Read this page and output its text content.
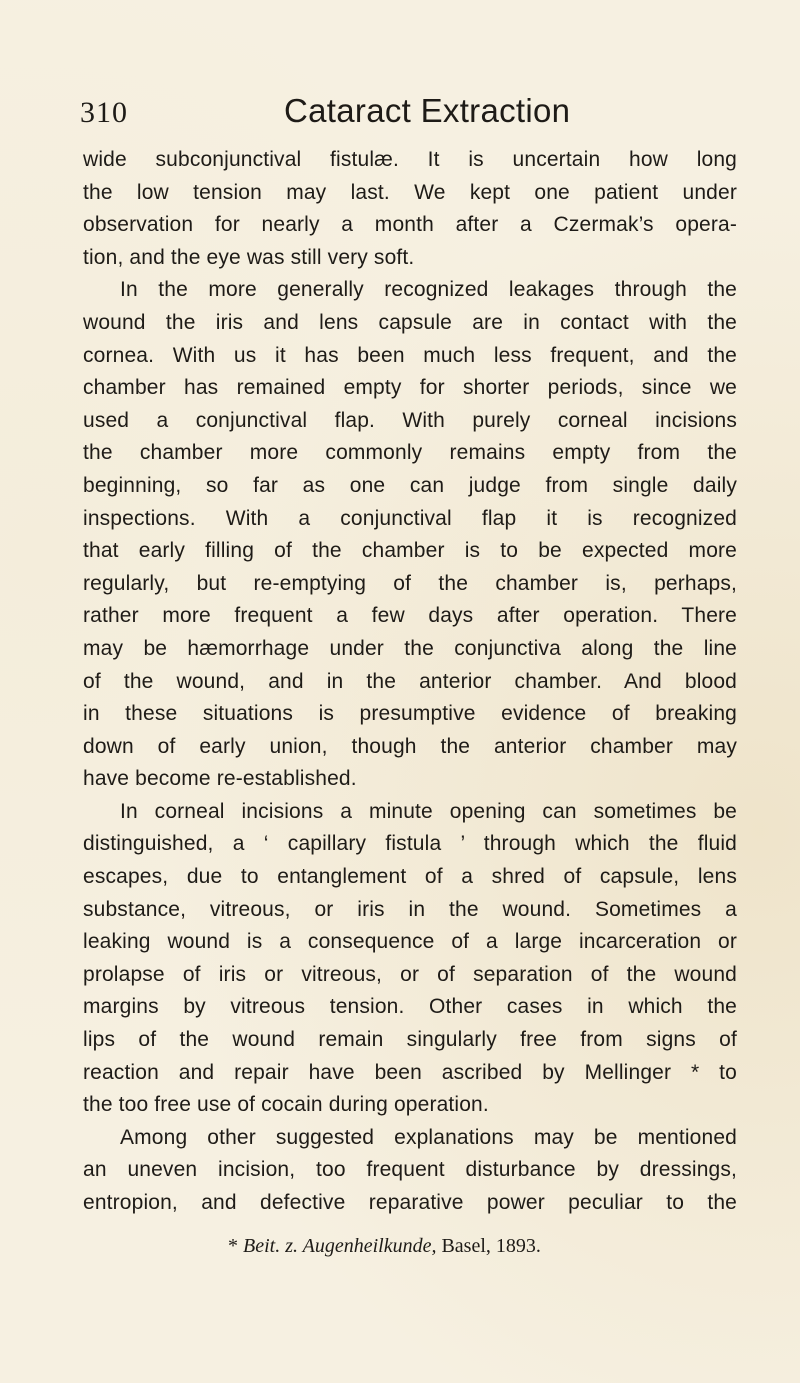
310	Cataract Extraction
wide subconjunctival fistulæ. It is uncertain how long
the low tension may last. We kept one patient under
observation for nearly a month after a Czermak’s opera-
tion, and the eye was still very soft.
In the more generally recognized leakages through the
wound the iris and lens capsule are in contact with the
cornea. With us it has been much less frequent, and the
chamber has remained empty for shorter periods, since we
used a conjunctival flap. With purely corneal incisions
the chamber more commonly remains empty from the
beginning, so far as one can judge from single daily
inspections. With a conjunctival flap it is recognized
that early filling of the chamber is to be expected more
regularly, but re-emptying of the chamber is, perhaps,
rather more frequent a few days after operation. There
may be hæmorrhage under the conjunctiva along the line
of the wound, and in the anterior chamber. And blood
in these situations is presumptive evidence of breaking
down of early union, though the anterior chamber may
have become re-established.
In corneal incisions a minute opening can sometimes be
distinguished, a ‘ capillary fistula ’ through which the fluid
escapes, due to entanglement of a shred of capsule, lens
substance, vitreous, or iris in the wound. Sometimes a
leaking wound is a consequence of a large incarceration or
prolapse of iris or vitreous, or of separation of the wound
margins by vitreous tension. Other cases in which the
lips of the wound remain singularly free from signs of
reaction and repair have been ascribed by Mellinger * to
the too free use of cocain during operation.
Among other suggested explanations may be mentioned
an uneven incision, too frequent disturbance by dressings,
entropion, and defective reparative power peculiar to the
* Beit. z. Augenheilkunde, Basel, 1893.
